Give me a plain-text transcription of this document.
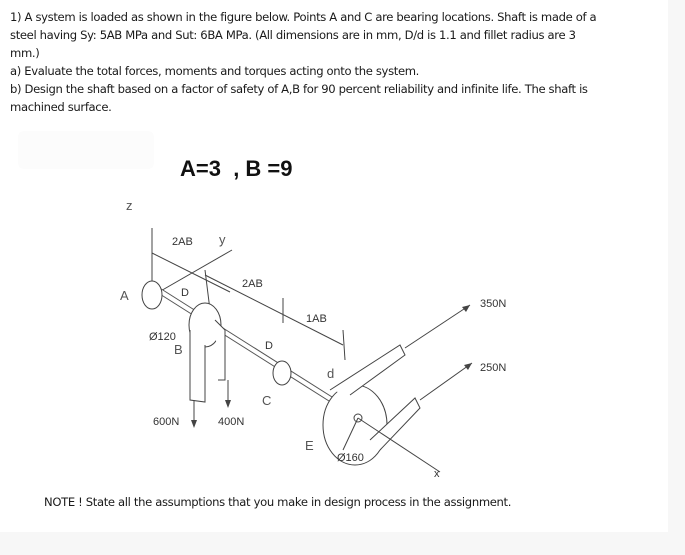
1) A system is loaded as shown in the figure below. Points A and C are bearing locations. Shaft is made of a

steel having Sy: 5AB MPa and Sut: 6BA MPa. (All dimensions are in mm, D/d is 1.1 and fillet radius are 3

mm.)

a) Evaluate the total forces, moments and torques acting onto the system.

b) Design the shaft based on a factor of safety of A,B for 90 percent reliability and infinite life. The shaft is

machined surface.

A=3  , B =9
z
y
x
2AB
2AB
1AB
A
B
C
E
D
D
d
Ø120
Ø160
600N	400N
350N
250N
NOTE ! State all the assumptions that you make in design process in the assignment.
